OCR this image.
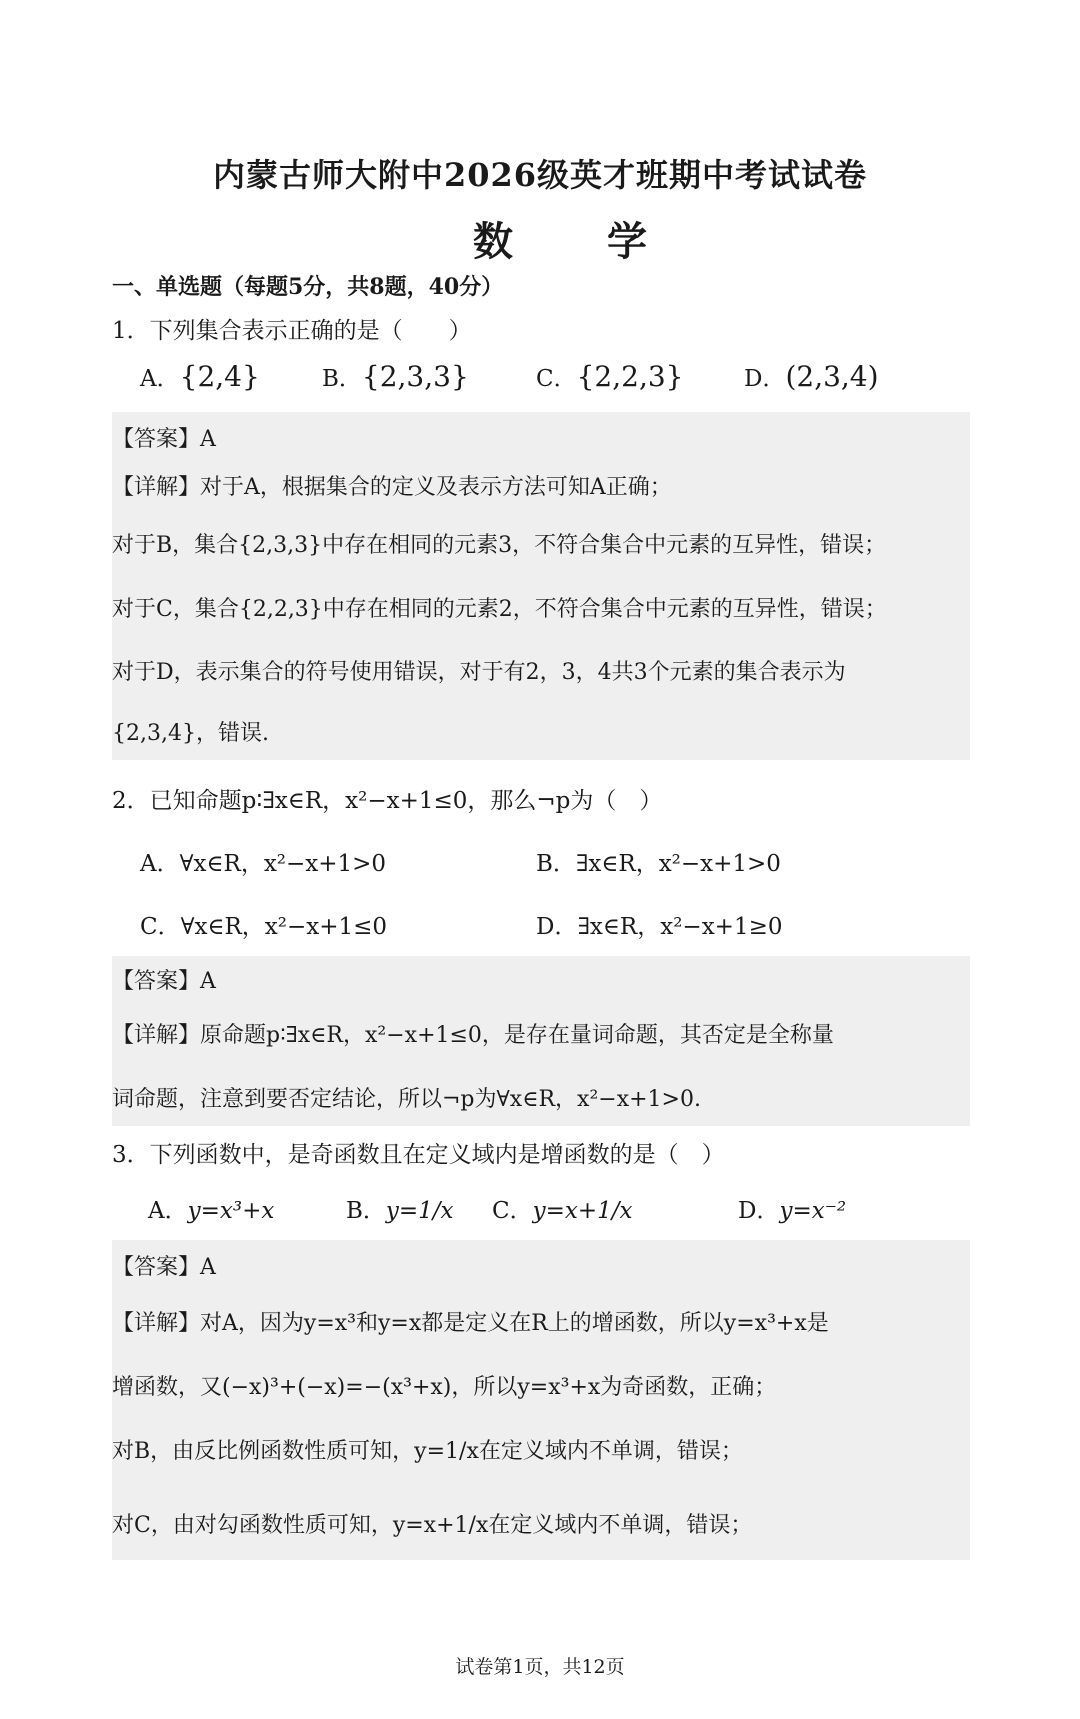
内蒙古师大附中2026级英才班期中考试试卷
数 学
一、单选题（每题5分，共8题，40分）
1．下列集合表示正确的是（　　）
A．{2,4}	B．{2,3,3}	C．{2,2,3}	D．(2,3,4)
【答案】A
【详解】对于A，根据集合的定义及表示方法可知A正确；
对于B，集合{2,3,3}中存在相同的元素3，不符合集合中元素的互异性，错误；
对于C，集合{2,2,3}中存在相同的元素2，不符合集合中元素的互异性，错误；
对于D，表示集合的符号使用错误，对于有2，3，4共3个元素的集合表示为
{2,3,4}，错误.
2．已知命题p∶∃x∈R，x²−x+1≤0，那么¬p为（　）
A．∀x∈R，x²−x+1>0	B．∃x∈R，x²−x+1>0
C．∀x∈R，x²−x+1≤0	D．∃x∈R，x²−x+1≥0
【答案】A
【详解】原命题p∶∃x∈R，x²−x+1≤0，是存在量词命题，其否定是全称量
词命题，注意到要否定结论，所以¬p为∀x∈R，x²−x+1>0.
3．下列函数中，是奇函数且在定义域内是增函数的是（　）
A．y=x³+x	B．y=1/x C．y=x+1/x	D．y=x⁻²
【答案】A
【详解】对A，因为y=x³和y=x都是定义在R上的增函数，所以y=x³+x是
增函数，又(−x)³+(−x)=−(x³+x)，所以y=x³+x为奇函数，正确；
对B，由反比例函数性质可知，y=1/x在定义域内不单调，错误；
对C，由对勾函数性质可知，y=x+1/x在定义域内不单调，错误；
试卷第1页，共12页
